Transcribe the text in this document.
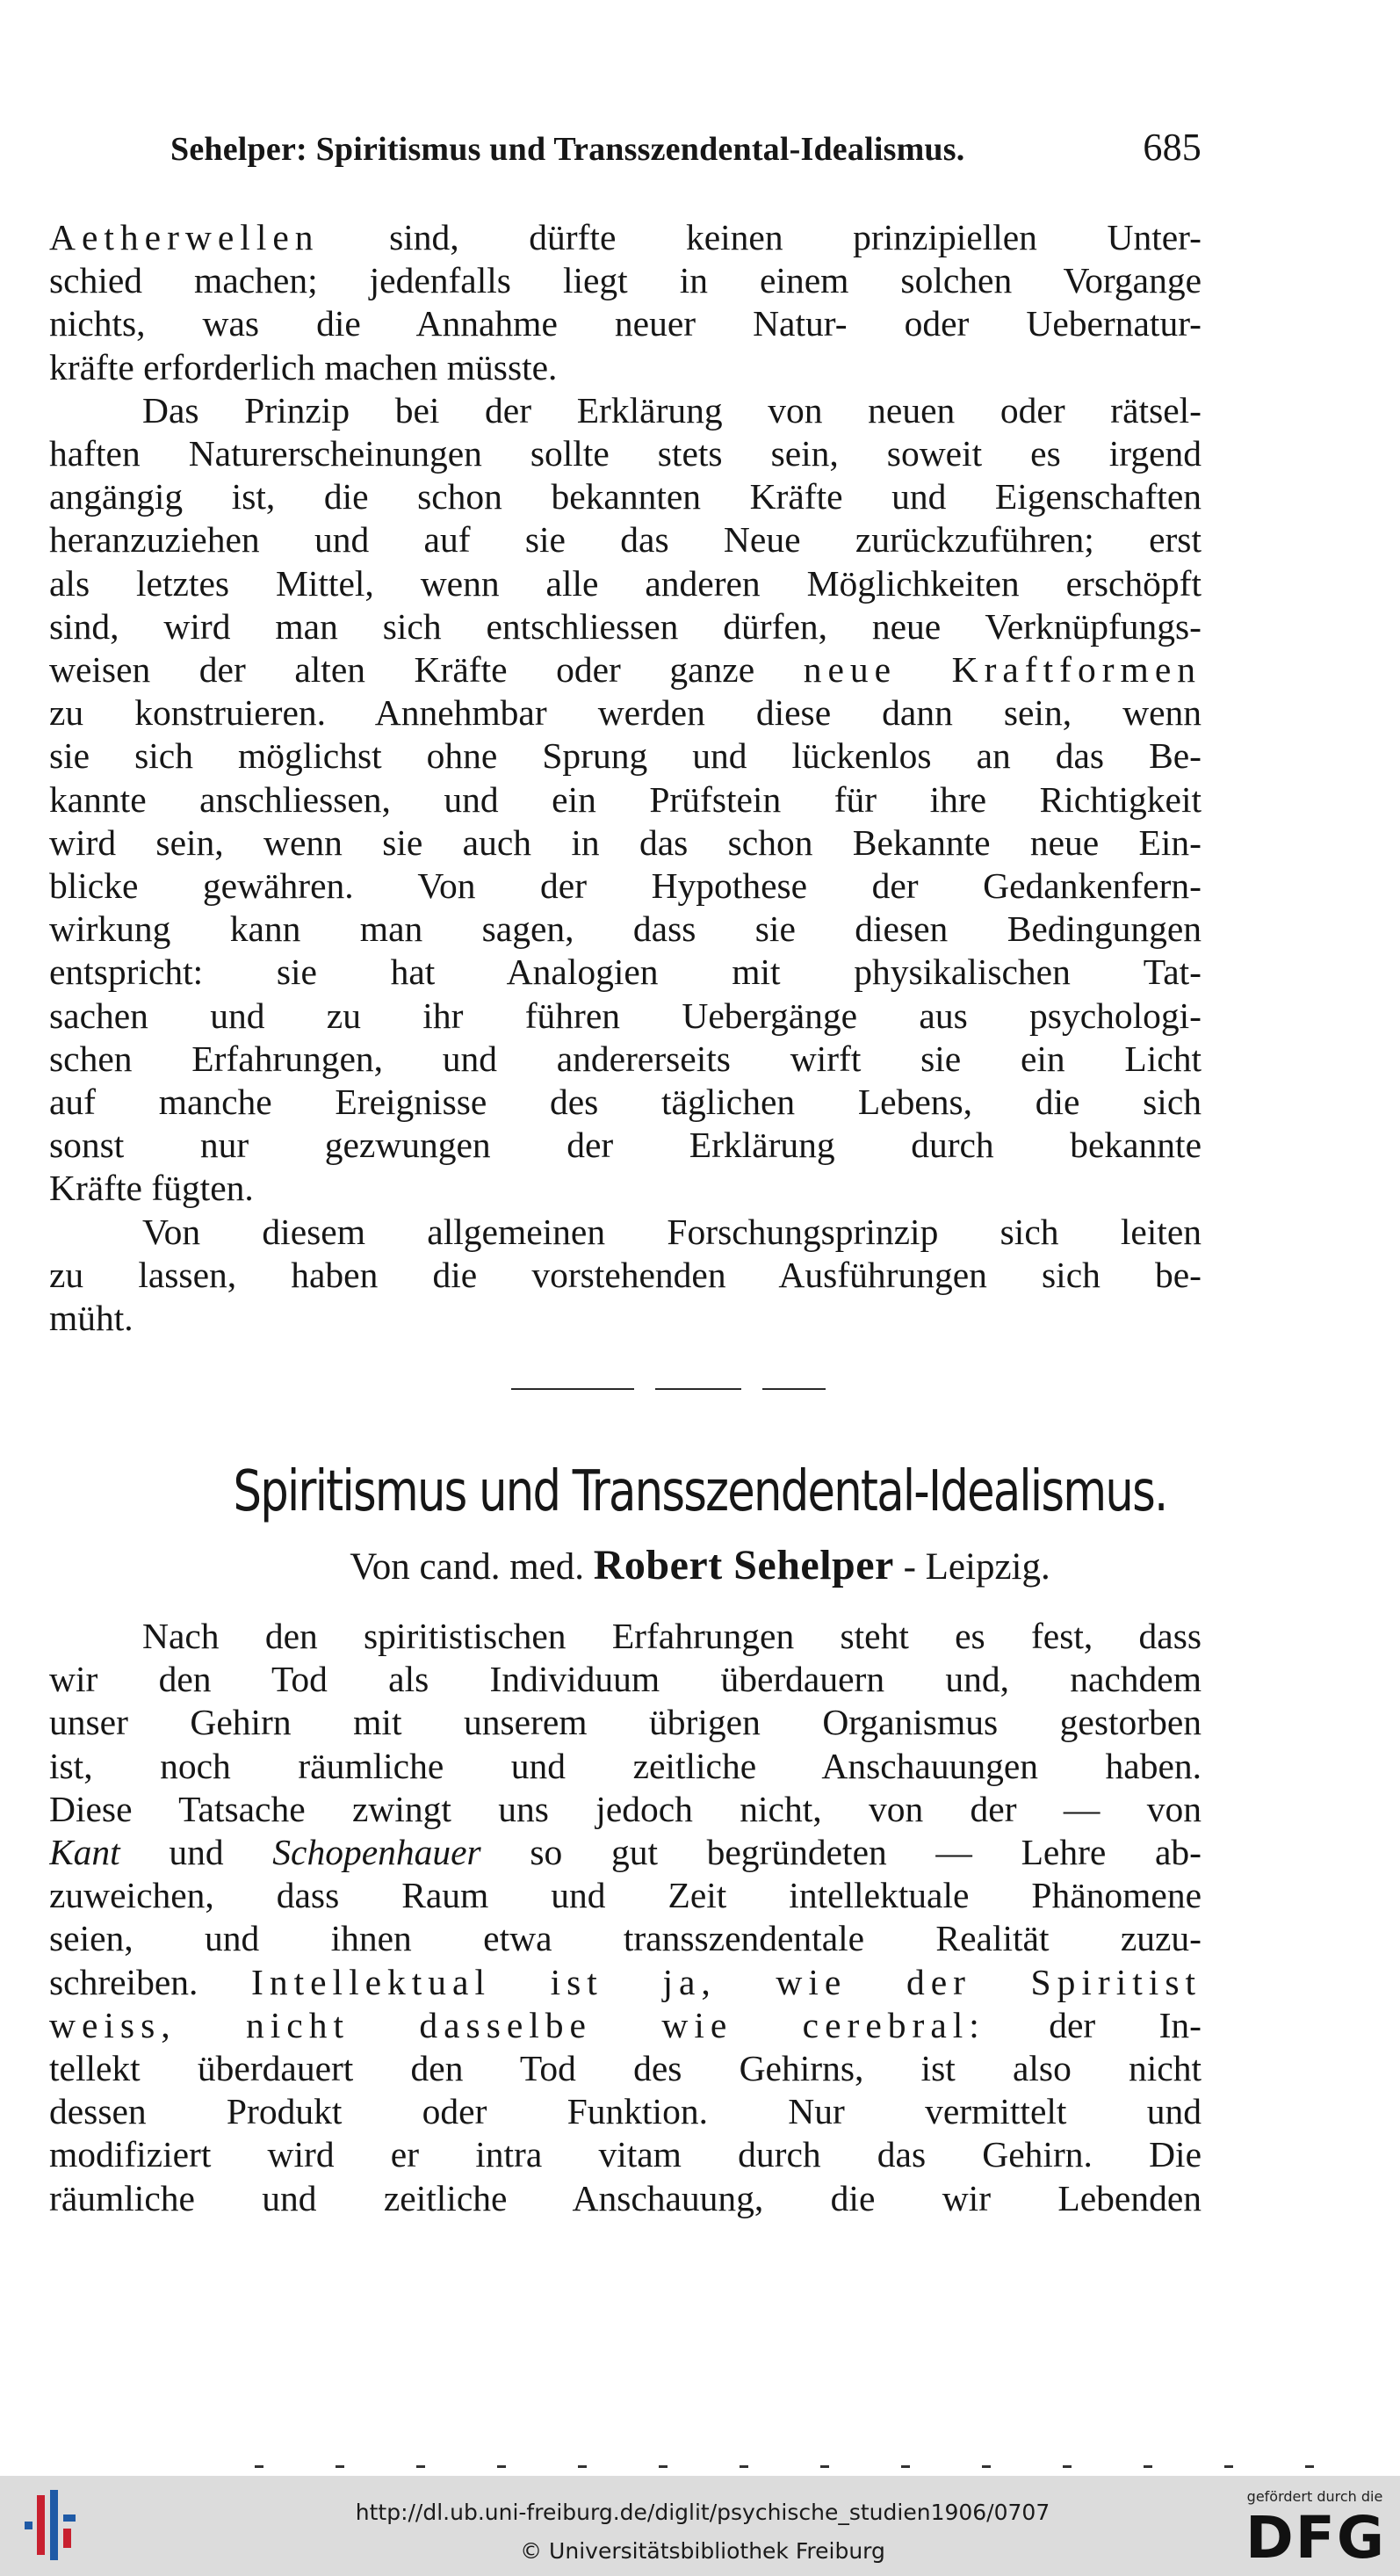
Sehelper: Spiritismus und Transszendental-Idealismus.	685

Aetherwellen sind, dürfte keinen prinzipiellen Unter-

schied machen; jedenfalls liegt in einem solchen Vorgange

nichts, was die Annahme neuer Natur- oder Uebernatur-

kräfte erforderlich machen müsste.

Das Prinzip bei der Erklärung von neuen oder rätsel-

haften Naturerscheinungen sollte stets sein, soweit es irgend

angängig ist, die schon bekannten Kräfte und Eigenschaften

heranzuziehen und auf sie das Neue zurückzuführen; erst

als letztes Mittel, wenn alle anderen Möglichkeiten erschöpft

sind, wird man sich entschliessen dürfen, neue Verknüpfungs-

weisen der alten Kräfte oder ganze neue Kraftformen

zu konstruieren. Annehmbar werden diese dann sein, wenn

sie sich möglichst ohne Sprung und lückenlos an das Be-

kannte anschliessen, und ein Prüfstein für ihre Richtigkeit

wird sein, wenn sie auch in das schon Bekannte neue Ein-

blicke gewähren. Von der Hypothese der Gedankenfern-

wirkung kann man sagen, dass sie diesen Bedingungen

entspricht: sie hat Analogien mit physikalischen Tat-

sachen und zu ihr führen Uebergänge aus psychologi-

schen Erfahrungen, und andererseits wirft sie ein Licht

auf manche Ereignisse des täglichen Lebens, die sich

sonst nur gezwungen der Erklärung durch bekannte

Kräfte fügten.

Von diesem allgemeinen Forschungsprinzip sich leiten

zu lassen, haben die vorstehenden Ausführungen sich be-

müht.

Spiritismus und Transszendental-Idealismus.
Von cand. med. Robert Sehelper - Leipzig.

Nach den spiritistischen Erfahrungen steht es fest, dass

wir den Tod als Individuum überdauern und, nachdem

unser Gehirn mit unserem übrigen Organismus gestorben

ist, noch räumliche und zeitliche Anschauungen haben.

Diese Tatsache zwingt uns jedoch nicht, von der — von

Kant und Schopenhauer so gut begründeten — Lehre ab-

zuweichen, dass Raum und Zeit intellektuale Phänomene

seien, und ihnen etwa transszendentale Realität zuzu-

schreiben. Intellektual ist ja, wie der Spiritist

weiss, nicht dasselbe wie cerebral: der In-

tellekt überdauert den Tod des Gehirns, ist also nicht

dessen Produkt oder Funktion. Nur vermittelt und

modifiziert wird er intra vitam durch das Gehirn. Die

räumliche und zeitliche Anschauung, die wir Lebenden

http://dl.ub.uni-freiburg.de/diglit/psychische_studien1906/0707
© Universitätsbibliothek Freiburg
gefördert durch die
DFG
